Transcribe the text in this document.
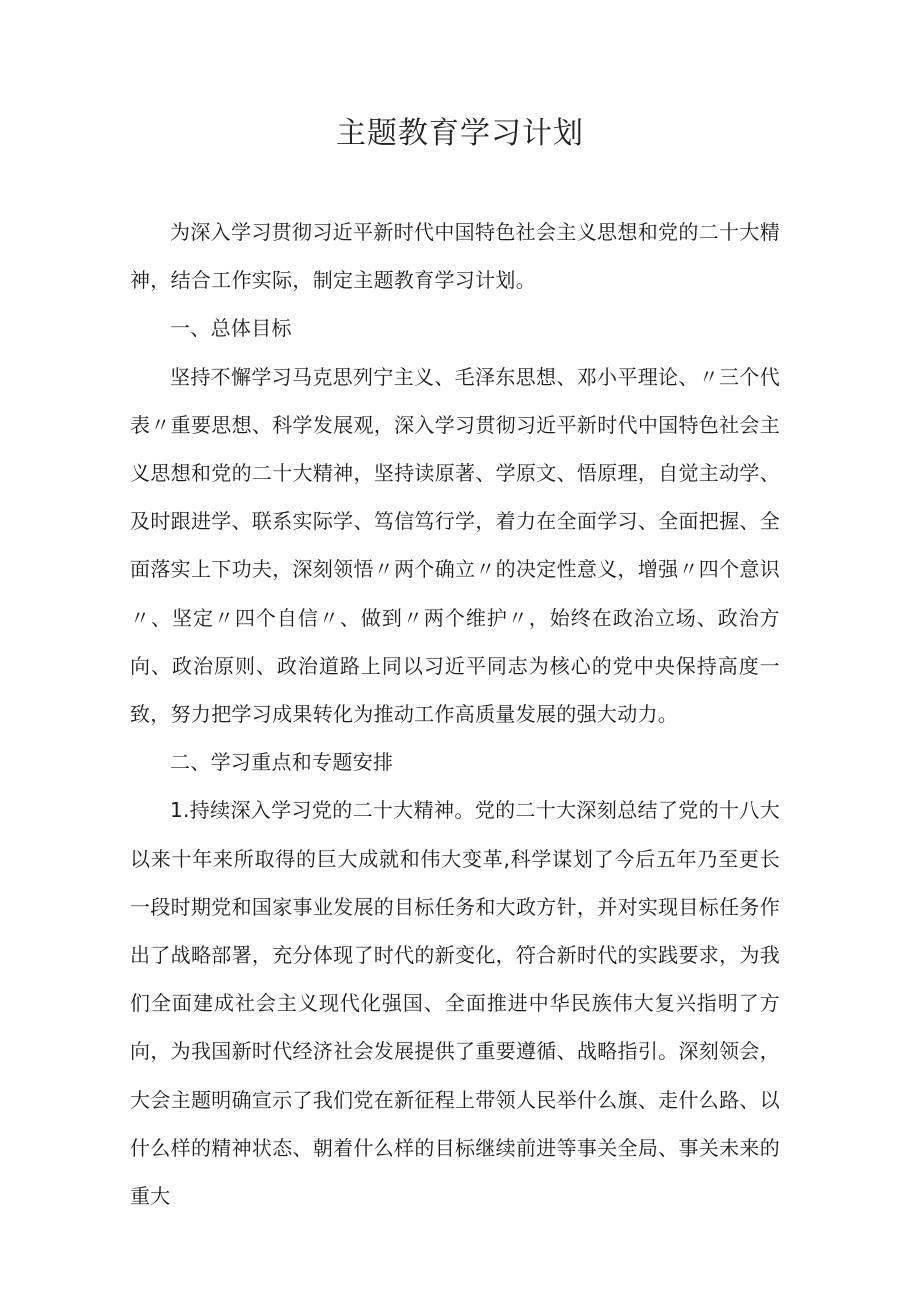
主题教育学习计划

为深入学习贯彻习近平新时代中国特色社会主义思想和党的二十大精神，结合工作实际，制定主题教育学习计划。

一、总体目标

坚持不懈学习马克思列宁主义、毛泽东思想、邓小平理论、〃三个代表〃重要思想、科学发展观，深入学习贯彻习近平新时代中国特色社会主义思想和党的二十大精神，坚持读原著、学原文、悟原理，自觉主动学、及时跟进学、联系实际学、笃信笃行学，着力在全面学习、全面把握、全面落实上下功夫，深刻领悟〃两个确立〃的决定性意义，增强〃四个意识〃、坚定〃四个自信〃、做到〃两个维护〃，始终在政治立场、政治方向、政治原则、政治道路上同以习近平同志为核心的党中央保持高度一致，努力把学习成果转化为推动工作高质量发展的强大动力。

二、学习重点和专题安排

1.持续深入学习党的二十大精神。党的二十大深刻总结了党的十八大以来十年来所取得的巨大成就和伟大变革,科学谋划了今后五年乃至更长一段时期党和国家事业发展的目标任务和大政方针，并对实现目标任务作出了战略部署，充分体现了时代的新变化，符合新时代的实践要求，为我们全面建成社会主义现代化强国、全面推进中华民族伟大复兴指明了方向，为我国新时代经济社会发展提供了重要遵循、战略指引。深刻领会，大会主题明确宣示了我们党在新征程上带领人民举什么旗、走什么路、以什么样的精神状态、朝着什么样的目标继续前进等事关全局、事关未来的重大
